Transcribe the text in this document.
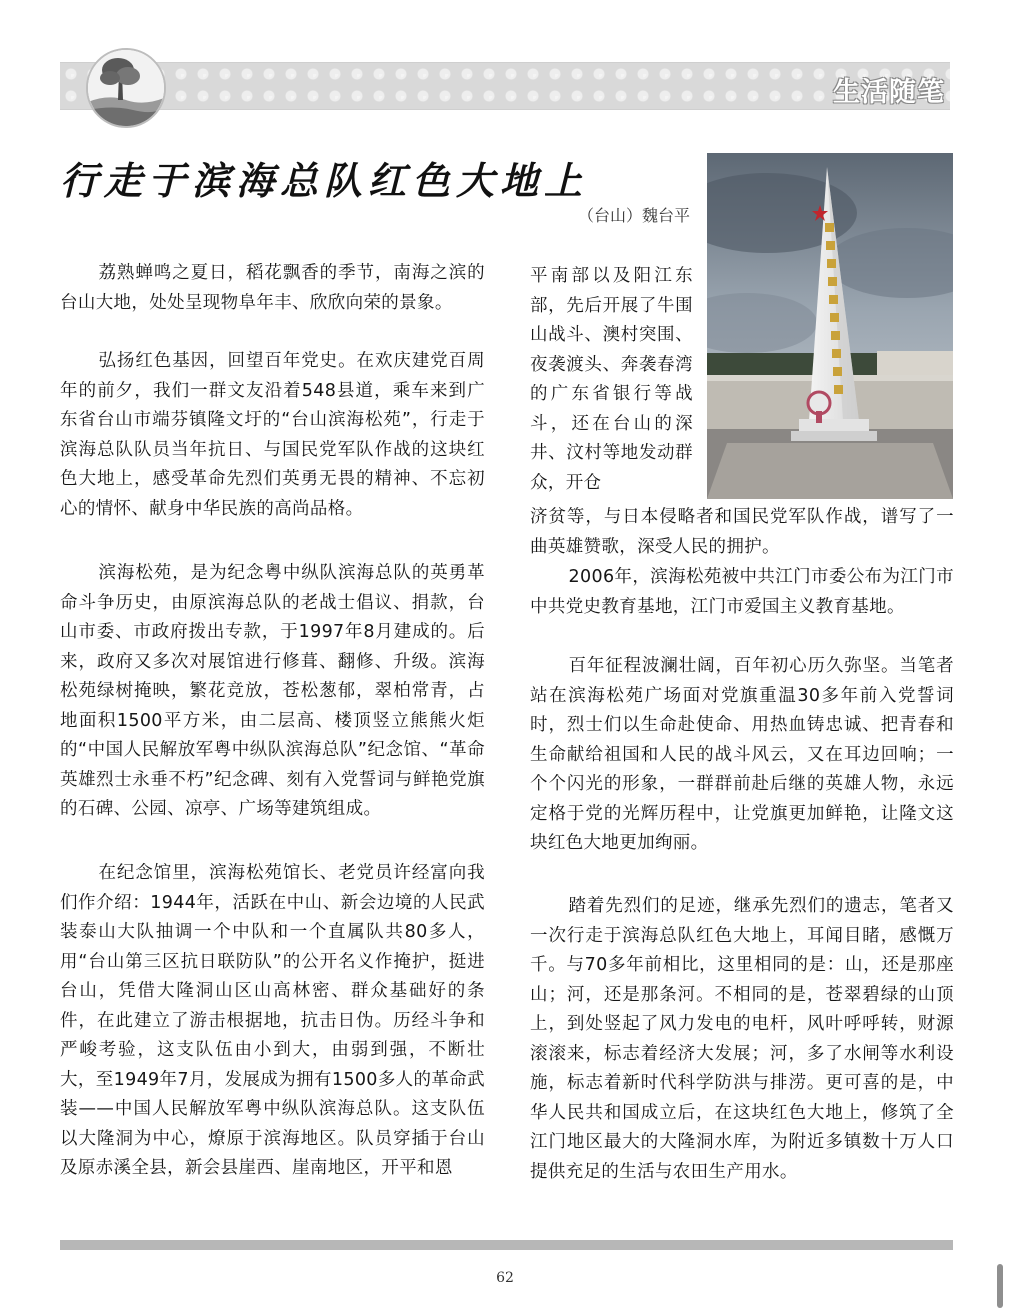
生活随笔
行走于滨海总队红色大地上
（台山）魏台平

荔熟蝉鸣之夏日，稻花飘香的季节，南海之滨的台山大地，处处呈现物阜年丰、欣欣向荣的景象。

弘扬红色基因，回望百年党史。在欢庆建党百周年的前夕，我们一群文友沿着548县道，乘车来到广东省台山市端芬镇隆文圩的“台山滨海松苑”，行走于滨海总队队员当年抗日、与国民党军队作战的这块红色大地上，感受革命先烈们英勇无畏的精神、不忘初心的情怀、献身中华民族的高尚品格。

滨海松苑，是为纪念粤中纵队滨海总队的英勇革命斗争历史，由原滨海总队的老战士倡议、捐款，台山市委、市政府拨出专款，于1997年8月建成的。后来，政府又多次对展馆进行修葺、翻修、升级。滨海松苑绿树掩映，繁花竞放，苍松葱郁，翠柏常青，占地面积1500平方米，由二层高、楼顶竖立熊熊火炬的“中国人民解放军粤中纵队滨海总队”纪念馆、“革命英雄烈士永垂不朽”纪念碑、刻有入党誓词与鲜艳党旗的石碑、公园、凉亭、广场等建筑组成。

在纪念馆里，滨海松苑馆长、老党员许经富向我们作介绍：1944年，活跃在中山、新会边境的人民武装泰山大队抽调一个中队和一个直属队共80多人，用“台山第三区抗日联防队”的公开名义作掩护，挺进台山，凭借大隆洞山区山高林密、群众基础好的条件，在此建立了游击根据地，抗击日伪。历经斗争和严峻考验，这支队伍由小到大，由弱到强，不断壮大，至1949年7月，发展成为拥有1500多人的革命武装——中国人民解放军粤中纵队滨海总队。这支队伍以大隆洞为中心，燎原于滨海地区。队员穿插于台山及原赤溪全县，新会县崖西、崖南地区，开平和恩

平南部以及阳江东部，先后开展了牛围山战斗、澳村突围、夜袭渡头、奔袭春湾的广东省银行等战斗，还在台山的深井、汶村等地发动群众，开仓

济贫等，与日本侵略者和国民党军队作战，谱写了一曲英雄赞歌，深受人民的拥护。

2006年，滨海松苑被中共江门市委公布为江门市中共党史教育基地，江门市爱国主义教育基地。

百年征程波澜壮阔，百年初心历久弥坚。当笔者站在滨海松苑广场面对党旗重温30多年前入党誓词时，烈士们以生命赴使命、用热血铸忠诚、把青春和生命献给祖国和人民的战斗风云，又在耳边回响；一个个闪光的形象，一群群前赴后继的英雄人物，永远定格于党的光辉历程中，让党旗更加鲜艳，让隆文这块红色大地更加绚丽。

踏着先烈们的足迹，继承先烈们的遗志，笔者又一次行走于滨海总队红色大地上，耳闻目睹，感慨万千。与70多年前相比，这里相同的是：山，还是那座山；河，还是那条河。不相同的是，苍翠碧绿的山顶上，到处竖起了风力发电的电杆，风叶呼呼转，财源滚滚来，标志着经济大发展；河，多了水闸等水利设施，标志着新时代科学防洪与排涝。更可喜的是，中华人民共和国成立后，在这块红色大地上，修筑了全江门地区最大的大隆洞水库，为附近多镇数十万人口提供充足的生活与农田生产用水。

62
